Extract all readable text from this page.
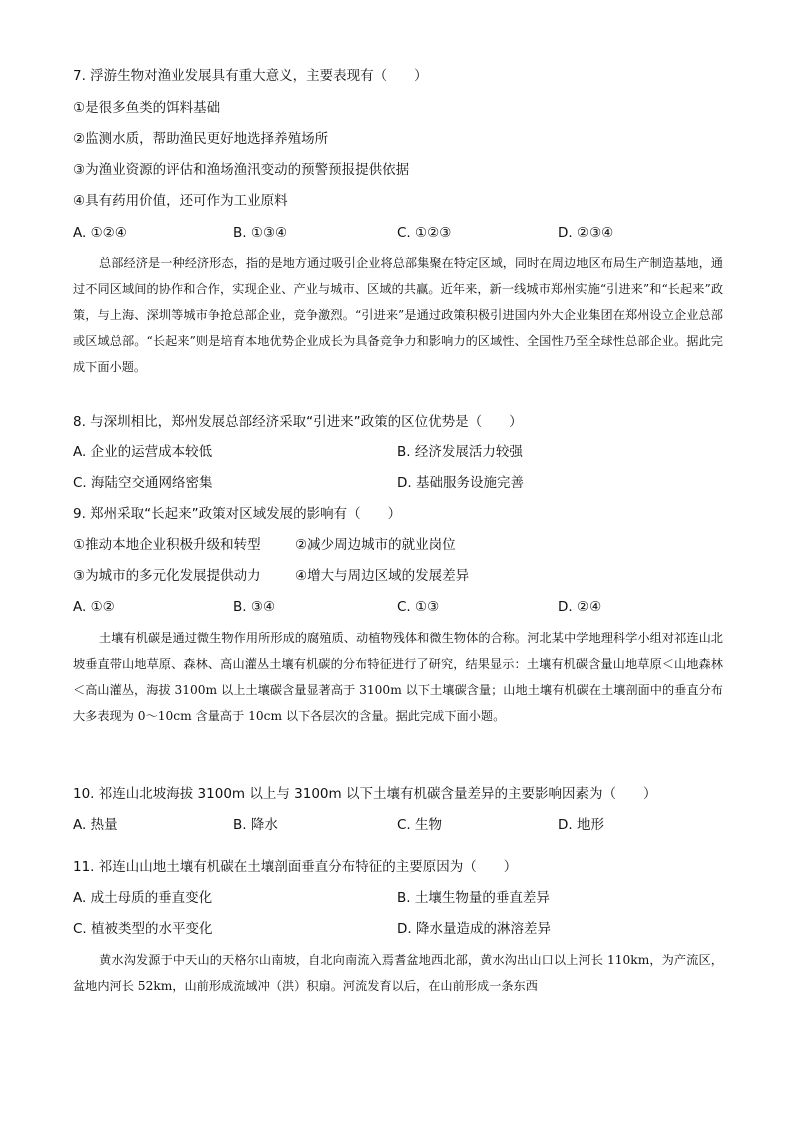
7. 浮游生物对渔业发展具有重大意义，主要表现有（　　）
①是很多鱼类的饵料基础
②监测水质，帮助渔民更好地选择养殖场所
③为渔业资源的评估和渔场渔汛变动的预警预报提供依据
④具有药用价值，还可作为工业原料
A. ①②④	B. ①③④	C. ①②③	D. ②③④
总部经济是一种经济形态，指的是地方通过吸引企业将总部集聚在特定区域，同时在周边地区布局生产制造基地，通过不同区域间的协作和合作，实现企业、产业与城市、区域的共赢。近年来，新一线城市郑州实施“引进来”和“长起来”政策，与上海、深圳等城市争抢总部企业，竞争激烈。“引进来”是通过政策积极引进国内外大企业集团在郑州设立企业总部或区域总部。“长起来”则是培育本地优势企业成长为具备竞争力和影响力的区域性、全国性乃至全球性总部企业。据此完成下面小题。
8. 与深圳相比，郑州发展总部经济采取“引进来”政策的区位优势是（　　）
A. 企业的运营成本较低	B. 经济发展活力较强
C. 海陆空交通网络密集	D. 基础服务设施完善
9. 郑州采取“长起来”政策对区域发展的影响有（　　）
①推动本地企业积极升级和转型	②减少周边城市的就业岗位
③为城市的多元化发展提供动力	④增大与周边区域的发展差异
A. ①②	B. ③④	C. ①③	D. ②④
土壤有机碳是通过微生物作用所形成的腐殖质、动植物残体和微生物体的合称。河北某中学地理科学小组对祁连山北坡垂直带山地草原、森林、高山灌丛土壤有机碳的分布特征进行了研究，结果显示：土壤有机碳含量山地草原＜山地森林＜高山灌丛，海拔 3100m 以上土壤碳含量显著高于 3100m 以下土壤碳含量；山地土壤有机碳在土壤剖面中的垂直分布大多表现为 0～10cm 含量高于 10cm 以下各层次的含量。据此完成下面小题。
10. 祁连山北坡海拔 3100m 以上与 3100m 以下土壤有机碳含量差异的主要影响因素为（　　）
A. 热量	B. 降水	C. 生物	D. 地形
11. 祁连山山地土壤有机碳在土壤剖面垂直分布特征的主要原因为（　　）
A. 成土母质的垂直变化	B. 土壤生物量的垂直差异
C. 植被类型的水平变化	D. 降水量造成的淋溶差异
黄水沟发源于中天山的天格尔山南坡，自北向南流入焉耆盆地西北部，黄水沟出山口以上河长 110km，为产流区，盆地内河长 52km，山前形成流域冲（洪）积扇。河流发育以后，在山前形成一条东西
